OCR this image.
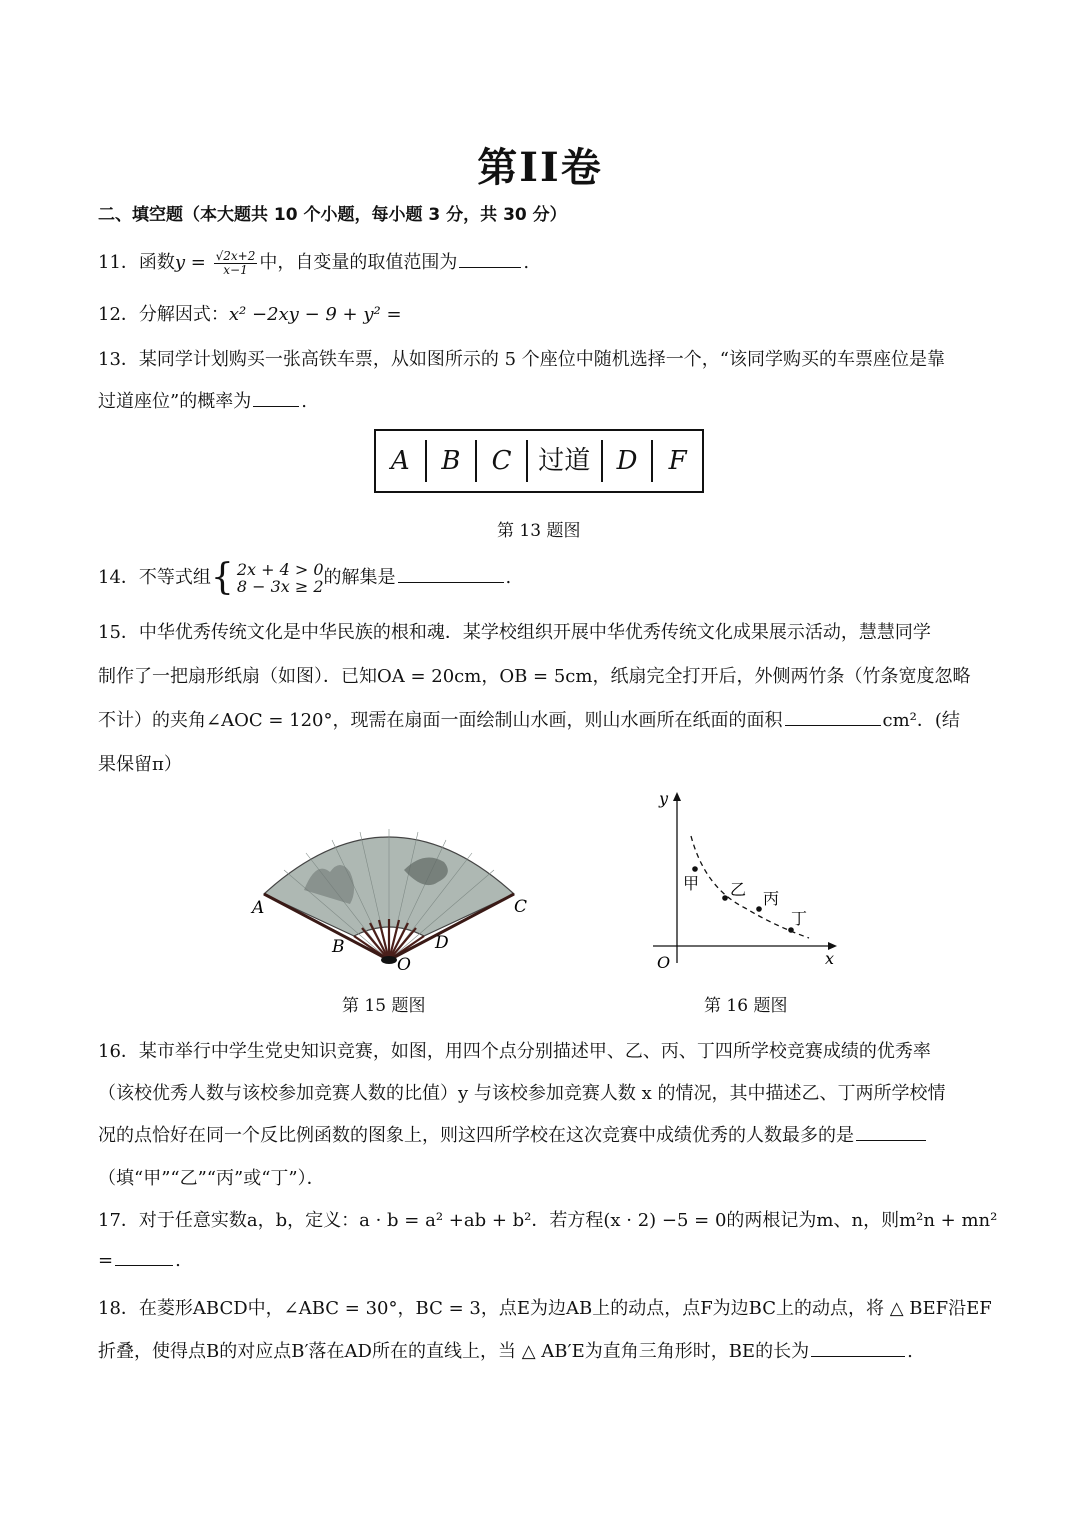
第II卷
二、填空题（本大题共 10 个小题，每小题 3 分，共 30 分）
11．函数$y = \frac{√2x+2}{x-1}$ 中，自变量的取值范围为	.
12．分解因式：x² −2xy − 9 + y² =
13．某同学计划购买一张高铁车票，从如图所示的 5 个座位中随机选择一个，“该同学购买的车票座位是靠
过道座位”的概率为	.
A	B	C	过道	D	F
第 13 题图
14．不等式组{ 2x + 4 > 0
8 − 3x ≥ 2 的解集是	.
15．中华优秀传统文化是中华民族的根和魂．某学校组织开展中华优秀传统文化成果展示活动，慧慧同学
制作了一把扇形纸扇（如图）．已知OA = 20cm，OB = 5cm，纸扇完全打开后，外侧两竹条（竹条宽度忽略
不计）的夹角∠AOC = 120°，现需在扇面一面绘制山水画，则山水画所在纸面的面积	cm²．(结
果保留π）
A	C
B	D
O
第 15 题图
y
x
O
甲 乙 丙
丁
第 16 题图
16．某市举行中学生党史知识竞赛，如图，用四个点分别描述甲、乙、丙、丁四所学校竞赛成绩的优秀率
（该校优秀人数与该校参加竞赛人数的比值）y 与该校参加竞赛人数 x 的情况，其中描述乙、丁两所学校情
况的点恰好在同一个反比例函数的图象上，则这四所学校在这次竞赛中成绩优秀的人数最多的是
（填“甲”“乙”“丙”或“丁”）．
17．对于任意实数a，b，定义：a · b = a² +ab + b²．若方程(x · 2) −5 = 0的两根记为m、n，则m²n + mn²
=	.
18．在菱形ABCD中，∠ABC = 30°，BC = 3，点E为边AB上的动点，点F为边BC上的动点，将 △ BEF沿EF
折叠，使得点B的对应点B′落在AD所在的直线上，当 △ AB′E为直角三角形时，BE的长为	.
